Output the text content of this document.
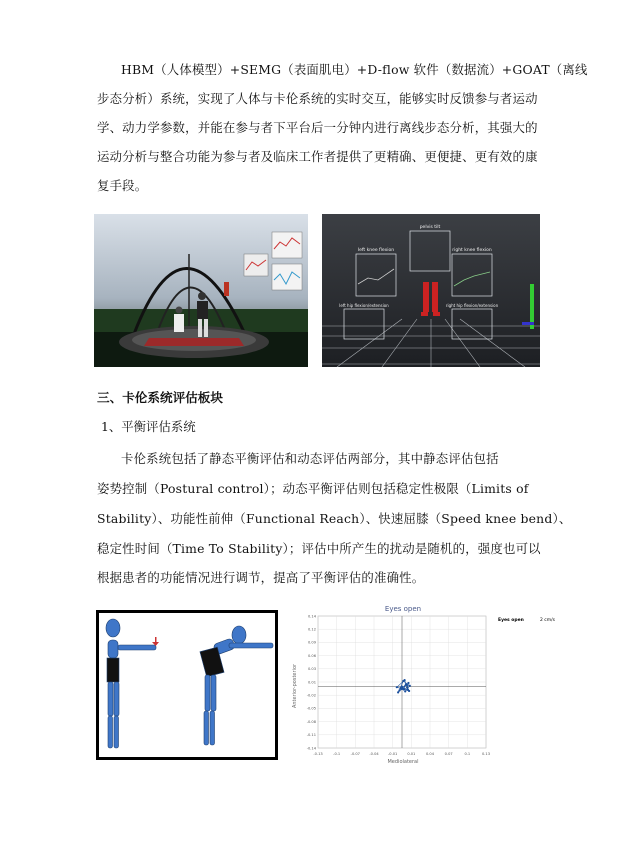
HBM（人体模型）+SEMG（表面肌电）+D-flow 软件（数据流）+GOAT（离线
步态分析）系统，实现了人体与卡伦系统的实时交互，能够实时反馈参与者运动
学、动力学参数，并能在参与者下平台后一分钟内进行离线步态分析，其强大的
运动分析与整合功能为参与者及临床工作者提供了更精确、更便捷、更有效的康
复手段。
pelvis tilt
left knee flexion	right knee flexion
left hip flexion/extension	right hip flexion/extension
三、卡伦系统评估板块
1、平衡评估系统
卡伦系统包括了静态平衡评估和动态评估两部分，其中静态评估包括
姿势控制（Postural control）；动态平衡评估则包括稳定性极限（Limits of
Stability）、功能性前伸（Functional Reach）、快速屈膝（Speed knee bend）、
稳定性时间（Time To Stability）；评估中所产生的扰动是随机的，强度也可以
根据患者的功能情况进行调节，提高了平衡评估的准确性。
Eyes open
Eyes open	2 cm/s
Mediolateral
Anterior-posterior
-0.13	-0.1	-0.07	-0.04	-0.01	0.01	0.04	0.07	0.1	0.13
0.14
0.12
0.09
0.06
0.03
0.01
-0.02
-0.05
-0.08
-0.11
-0.14
